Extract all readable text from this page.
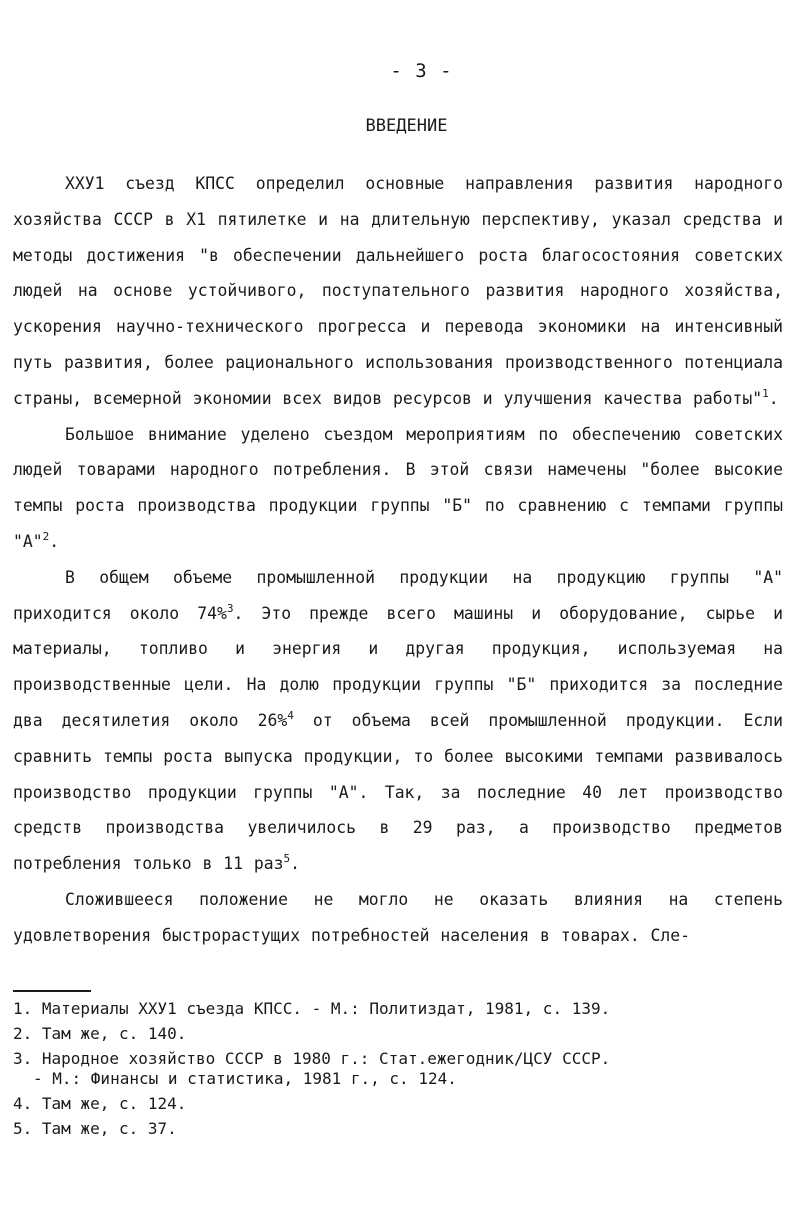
- 3 -
ВВЕДЕНИЕ

ХХУ1 съезд КПСС определил основные направления развития народного хозяйства СССР в Х1 пятилетке и на длительную перспективу, указал средства и методы достижения "в обеспечении дальнейшего роста благосостояния советских людей на основе устойчивого, поступательного развития народного хозяйства, ускорения научно-технического прогресса и перевода экономики на интенсивный путь развития, более рационального использования производственного потенциала страны, всемерной экономии всех видов ресурсов и улучшения качества работы"$^1$.

Большое внимание уделено съездом мероприятиям по обеспечению советских людей товарами народного потребления. В этой связи намечены "более высокие темпы роста производства продукции группы "Б" по сравнению с темпами группы "А"$^2$.

В общем объеме промышленной продукции на продукцию группы "А" приходится около 74%$^3$. Это прежде всего машины и оборудование, сырье и материалы, топливо и энергия и другая продукция, используемая на производственные цели. На долю продукции группы "Б" приходится за последние два десятилетия около 26%$^4$ от объема всей промышленной продукции. Если сравнить темпы роста выпуска продукции, то более высокими темпами развивалось производство продукции группы "А". Так, за последние 40 лет производство средств производства увеличилось в 29 раз, а производство предметов потребления только в 11 раз$^5$.

Сложившееся положение не могло не оказать влияния на степень удовлетворения быстрорастущих потребностей населения в товарах. Сле-

1. Материалы ХХУ1 съезда КПСС. - М.: Политиздат, 1981, с. 139.

2. Там же, с. 140.

3. Народное хозяйство СССР в 1980 г.: Стат.ежегодник/ЦСУ СССР.

- М.: Финансы и статистика, 1981 г., с. 124.

4. Там же, с. 124.

5. Там же, с. 37.
